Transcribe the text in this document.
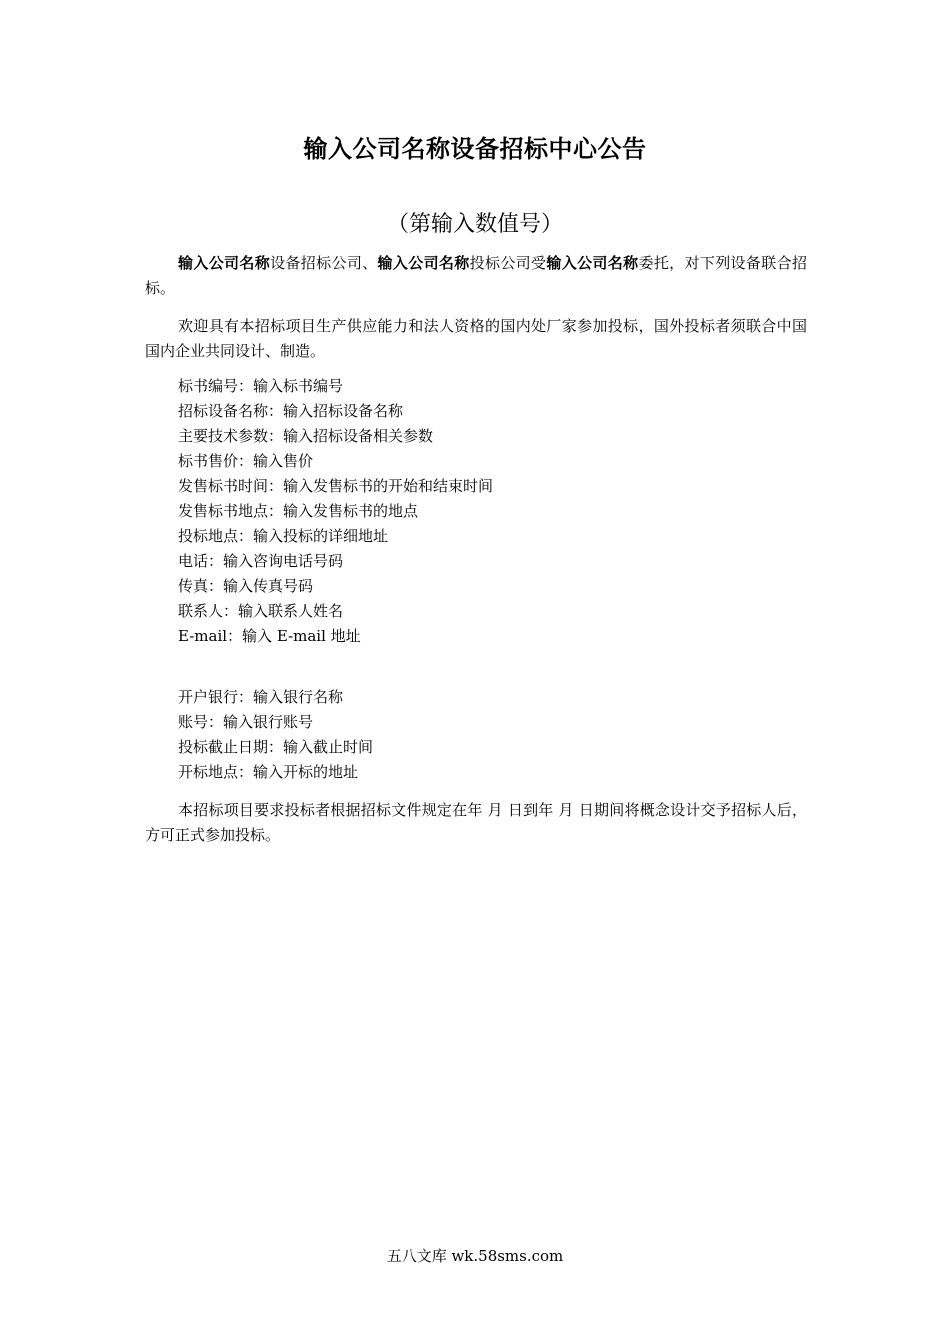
输入公司名称设备招标中心公告
（第输入数值号）

输入公司名称设备招标公司、输入公司名称投标公司受输入公司名称委托，对下列设备联合招标。

欢迎具有本招标项目生产供应能力和法人资格的国内处厂家参加投标，国外投标者须联合中国国内企业共同设计、制造。

标书编号：输入标书编号
招标设备名称：输入招标设备名称
主要技术参数：输入招标设备相关参数
标书售价：输入售价
发售标书时间：输入发售标书的开始和结束时间
发售标书地点：输入发售标书的地点
投标地点：输入投标的详细地址
电话：输入咨询电话号码
传真：输入传真号码
联系人：输入联系人姓名
E-mail：输入 E-mail 地址
开户银行：输入银行名称
账号：输入银行账号
投标截止日期：输入截止时间
开标地点：输入开标的地址

本招标项目要求投标者根据招标文件规定在年 月 日到年 月 日期间将概念设计交予招标人后，方可正式参加投标。

五八文库 wk.58sms.com
